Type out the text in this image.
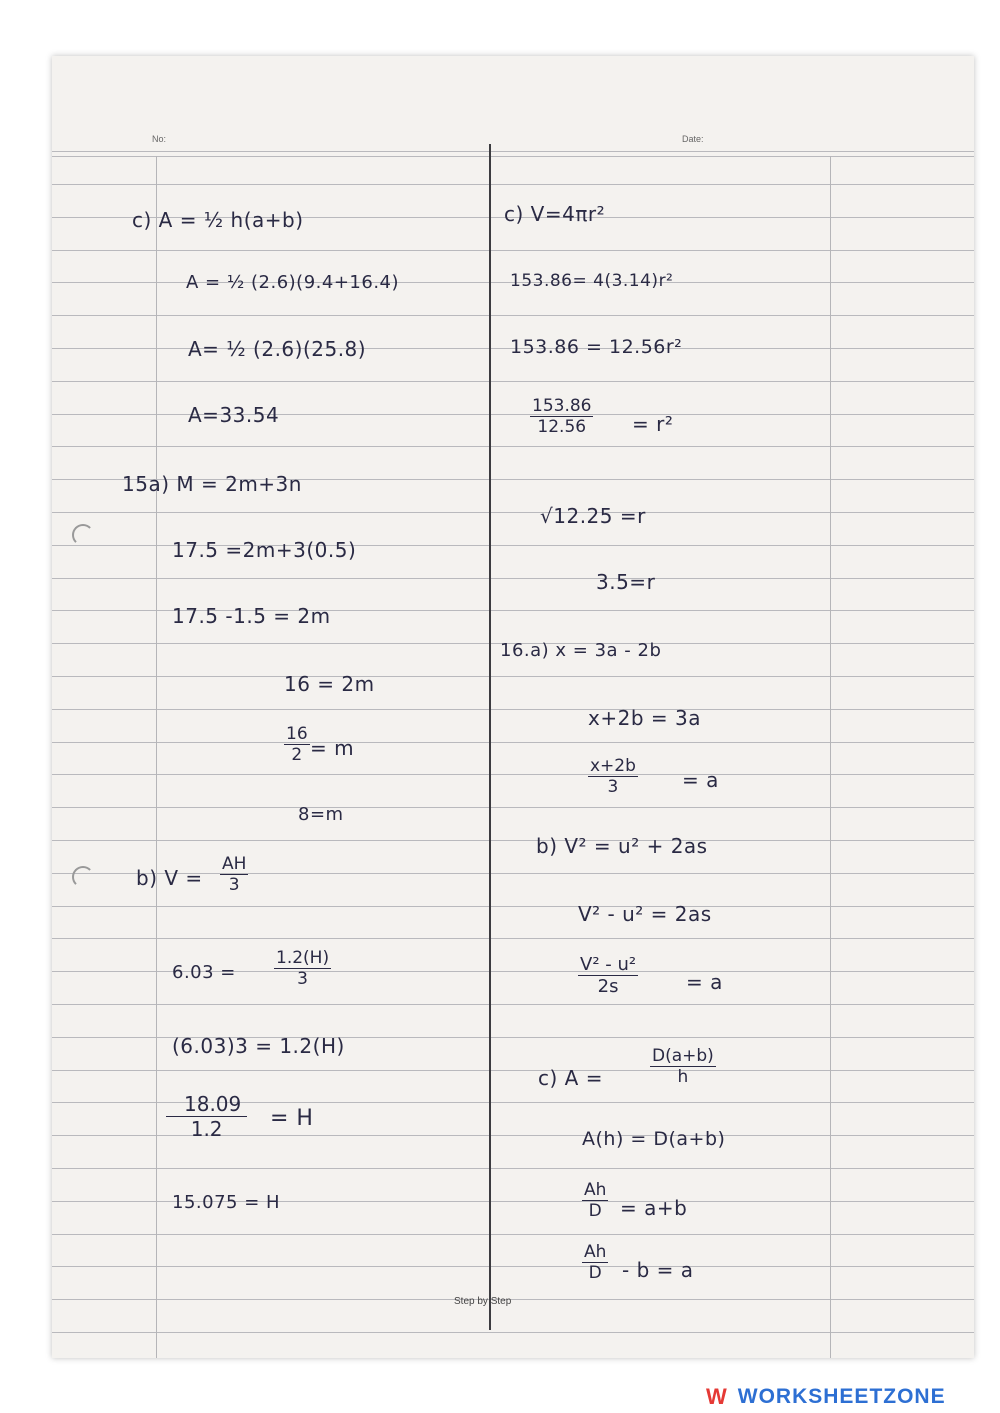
No:	Date:
c) A = ½ h(a+b)
A = ½ (2.6)(9.4+16.4)
A= ½ (2.6)(25.8)
A=33.54
15a) M = 2m+3n
17.5 =2m+3(0.5)
17.5 -1.5 = 2m
16 = 2m
$\frac{16}{2} = m$
8=m
b) $V = \frac{AH}{3}$
$6.03 = \frac{1.2(H)}{3}$
(6.03)3 = 1.2(H)
$\frac{18.09}{1.2} = H$
15.075 = H
c) V=4πr²
153.86= 4(3.14)r²
153.86 = 12.56r²
$\frac{153.86}{12.56} = r^2$
√12.25 =r
3.5=r
16.a) x = 3a - 2b
x+2b = 3a
$\frac{x+2b}{3} = a$
b) V² = u² + 2as
V² - u² = 2as
$\frac{\text{V² - u²}}{2s} = a$
c) A =	$\frac{D(a+b)}{h}$
A(h) = D(a+b)
$\frac{Ah}{D} = a+b$
$\frac{Ah}{D} - b = a$
Step by Step
W WORKSHEET ZONE
